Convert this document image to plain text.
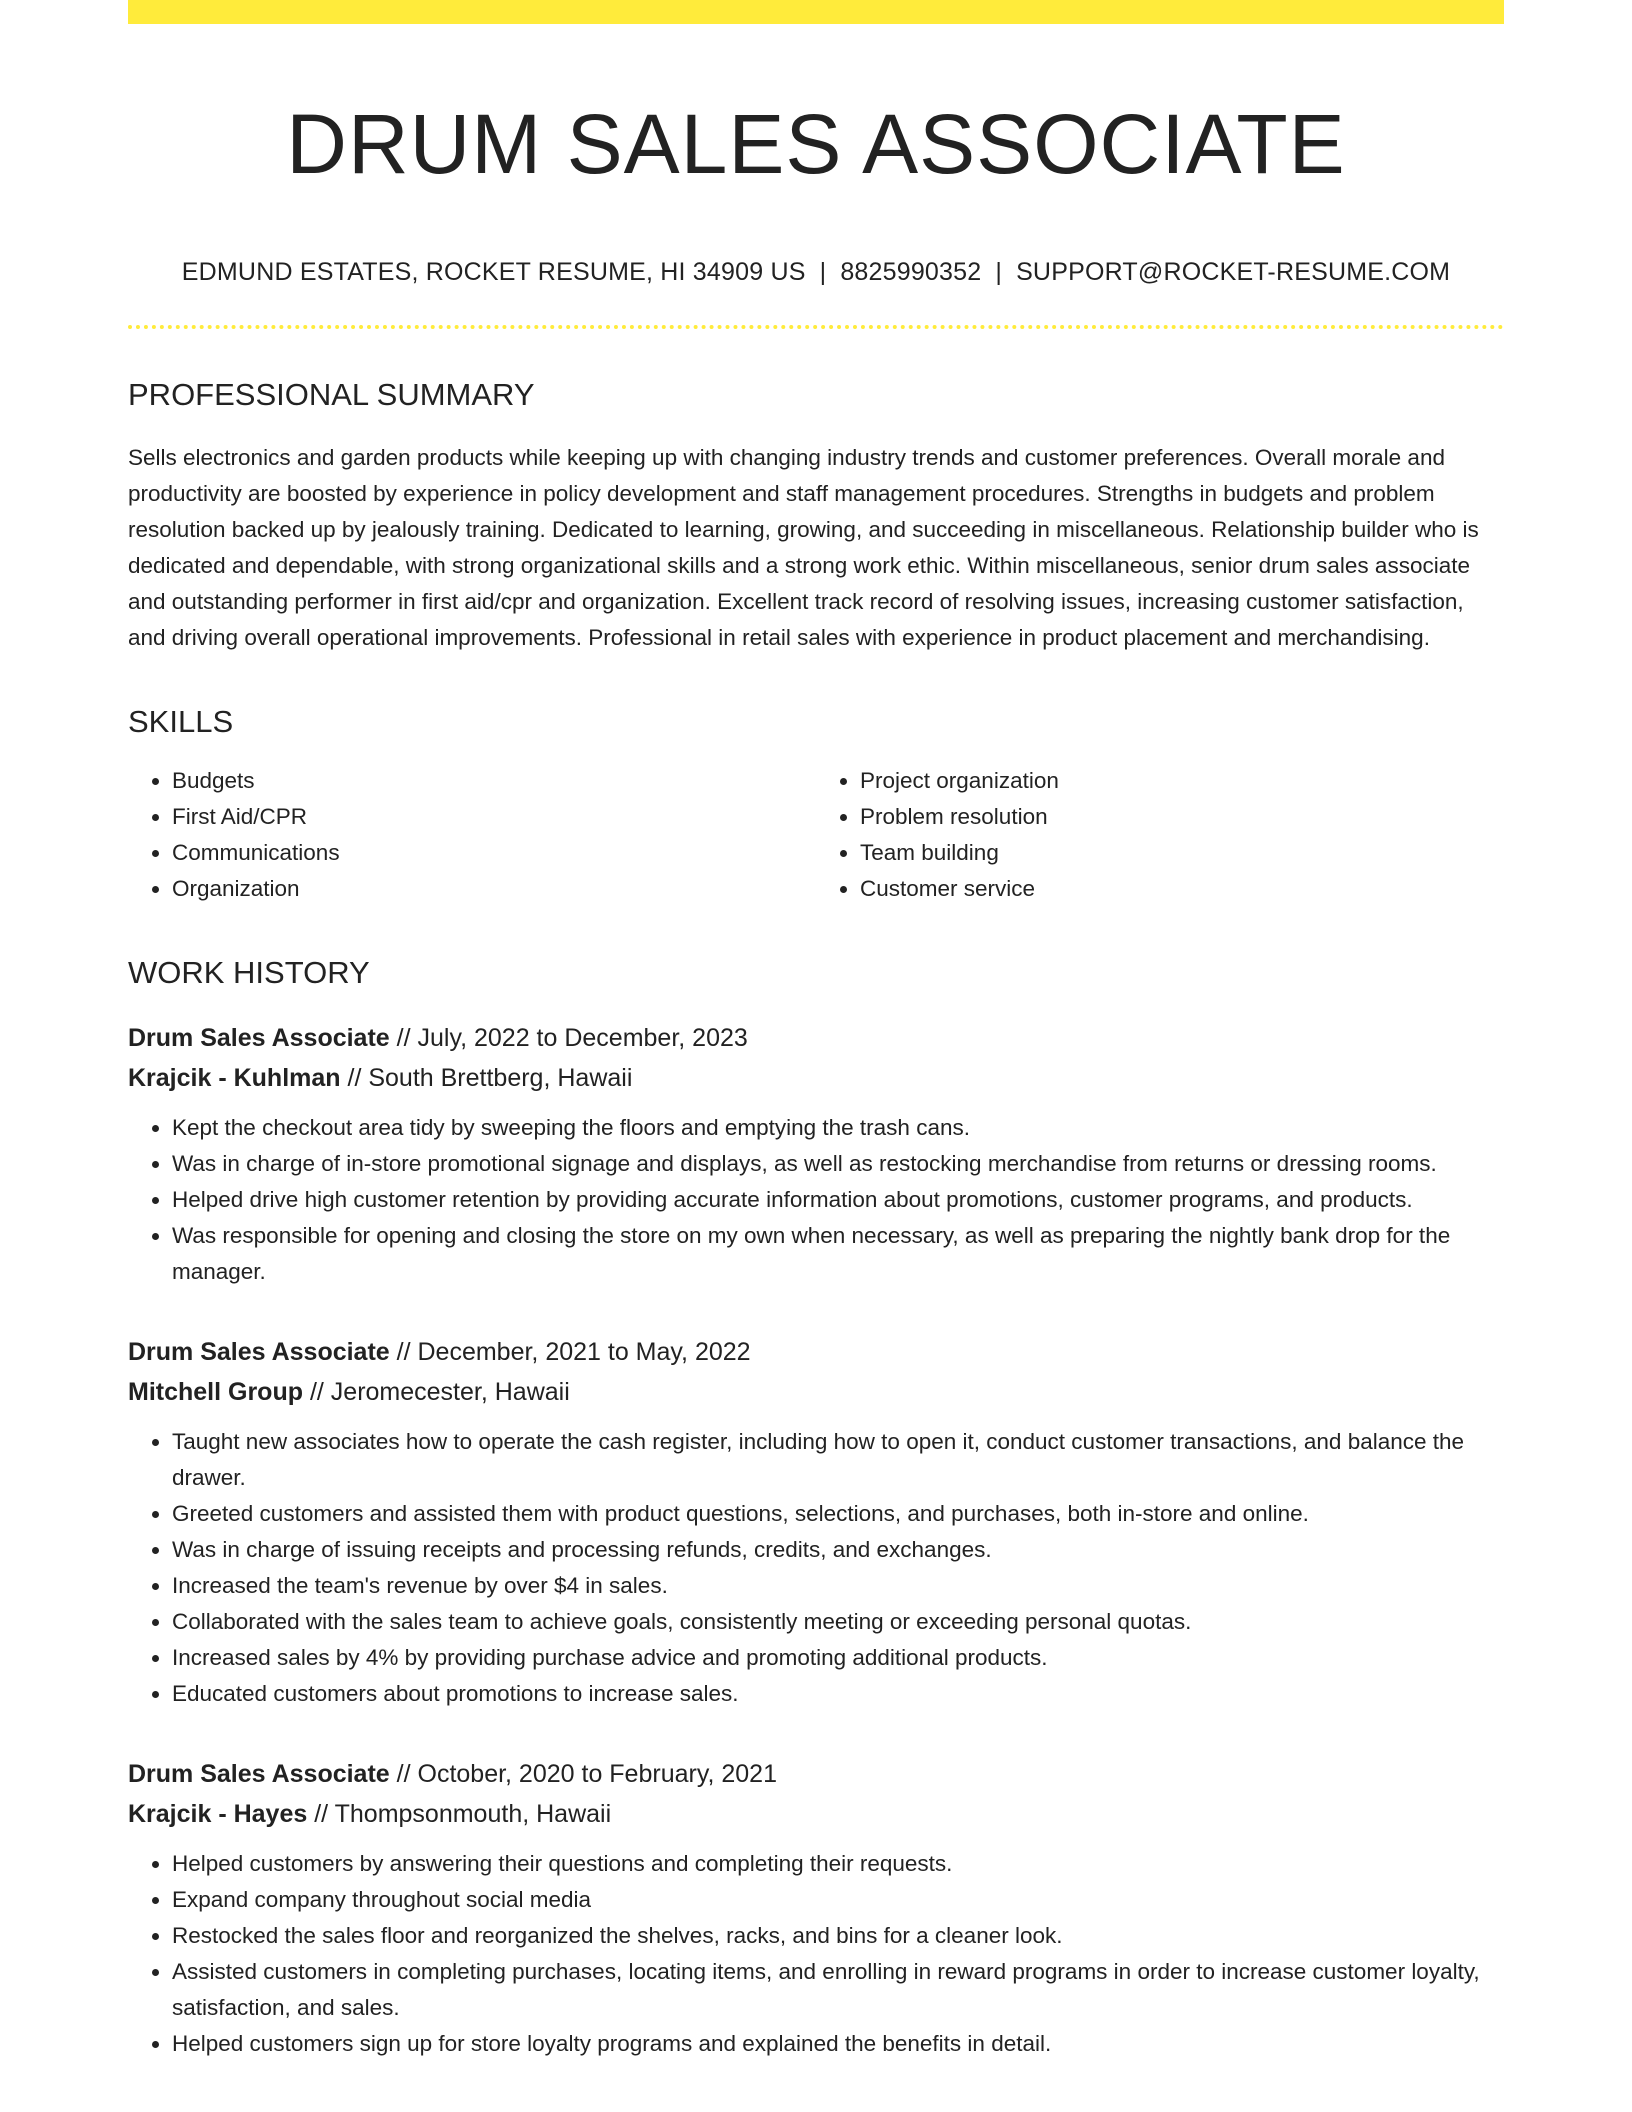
DRUM SALES ASSOCIATE
EDMUND ESTATES, ROCKET RESUME, HI 34909 US | 8825990352 | SUPPORT@ROCKET-RESUME.COM
PROFESSIONAL SUMMARY
Sells electronics and garden products while keeping up with changing industry trends and customer preferences. Overall morale and productivity are boosted by experience in policy development and staff management procedures. Strengths in budgets and problem resolution backed up by jealously training. Dedicated to learning, growing, and succeeding in miscellaneous. Relationship builder who is dedicated and dependable, with strong organizational skills and a strong work ethic. Within miscellaneous, senior drum sales associate and outstanding performer in first aid/cpr and organization. Excellent track record of resolving issues, increasing customer satisfaction, and driving overall operational improvements. Professional in retail sales with experience in product placement and merchandising.
SKILLS
• Budgets
• First Aid/CPR
• Communications
• Organization
• Project organization
• Problem resolution
• Team building
• Customer service
WORK HISTORY
Drum Sales Associate // July, 2022 to December, 2023
Krajcik - Kuhlman // South Brettberg, Hawaii
• Kept the checkout area tidy by sweeping the floors and emptying the trash cans.
• Was in charge of in-store promotional signage and displays, as well as restocking merchandise from returns or dressing rooms.
• Helped drive high customer retention by providing accurate information about promotions, customer programs, and products.
• Was responsible for opening and closing the store on my own when necessary, as well as preparing the nightly bank drop for the manager.
Drum Sales Associate // December, 2021 to May, 2022
Mitchell Group // Jeromecester, Hawaii
• Taught new associates how to operate the cash register, including how to open it, conduct customer transactions, and balance the drawer.
• Greeted customers and assisted them with product questions, selections, and purchases, both in-store and online.
• Was in charge of issuing receipts and processing refunds, credits, and exchanges.
• Increased the team's revenue by over $4 in sales.
• Collaborated with the sales team to achieve goals, consistently meeting or exceeding personal quotas.
• Increased sales by 4% by providing purchase advice and promoting additional products.
• Educated customers about promotions to increase sales.
Drum Sales Associate // October, 2020 to February, 2021
Krajcik - Hayes // Thompsonmouth, Hawaii
• Helped customers by answering their questions and completing their requests.
• Expand company throughout social media
• Restocked the sales floor and reorganized the shelves, racks, and bins for a cleaner look.
• Assisted customers in completing purchases, locating items, and enrolling in reward programs in order to increase customer loyalty, satisfaction, and sales.
• Helped customers sign up for store loyalty programs and explained the benefits in detail.
